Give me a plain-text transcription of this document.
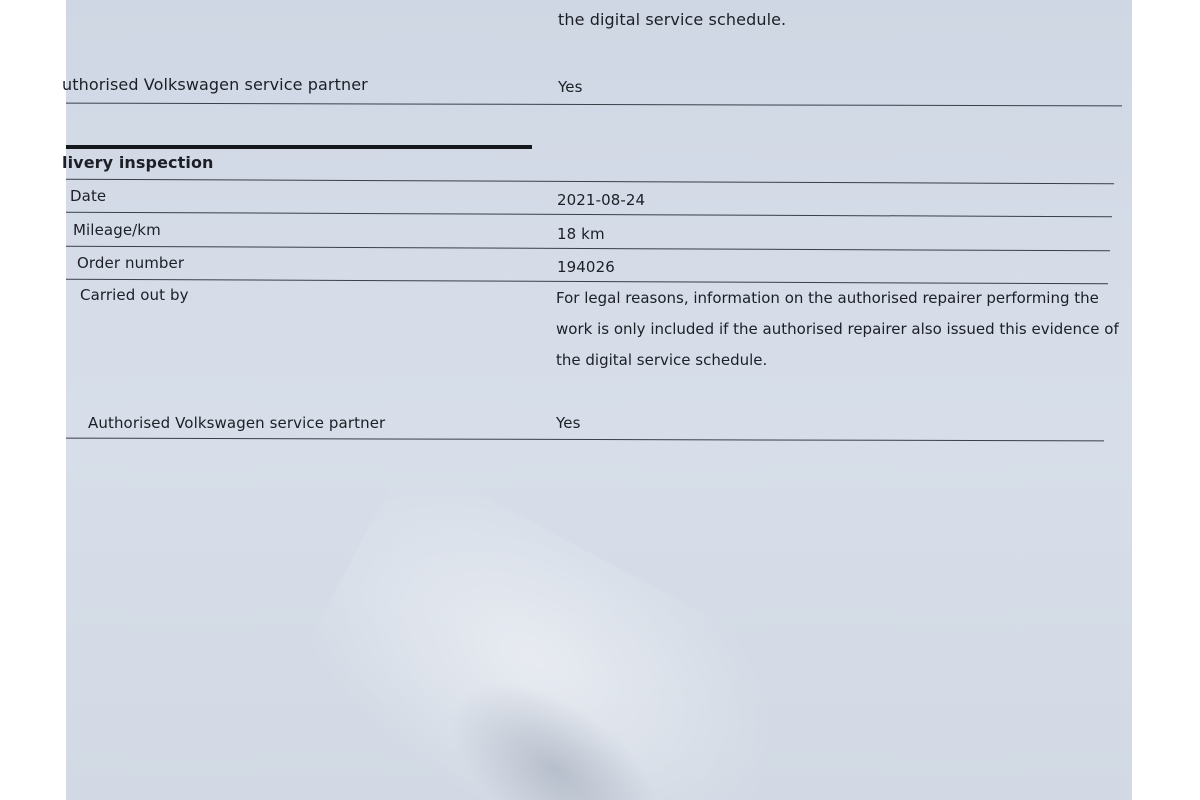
the digital service schedule.
uthorised Volkswagen service partner	Yes
livery inspection
Date	2021-08-24
Mileage/km	18 km
Order number	194026
Carried out by	For legal reasons, information on the authorised repairer performing the
work is only included if the authorised repairer also issued this evidence of
the digital service schedule.
Authorised Volkswagen service partner	Yes
